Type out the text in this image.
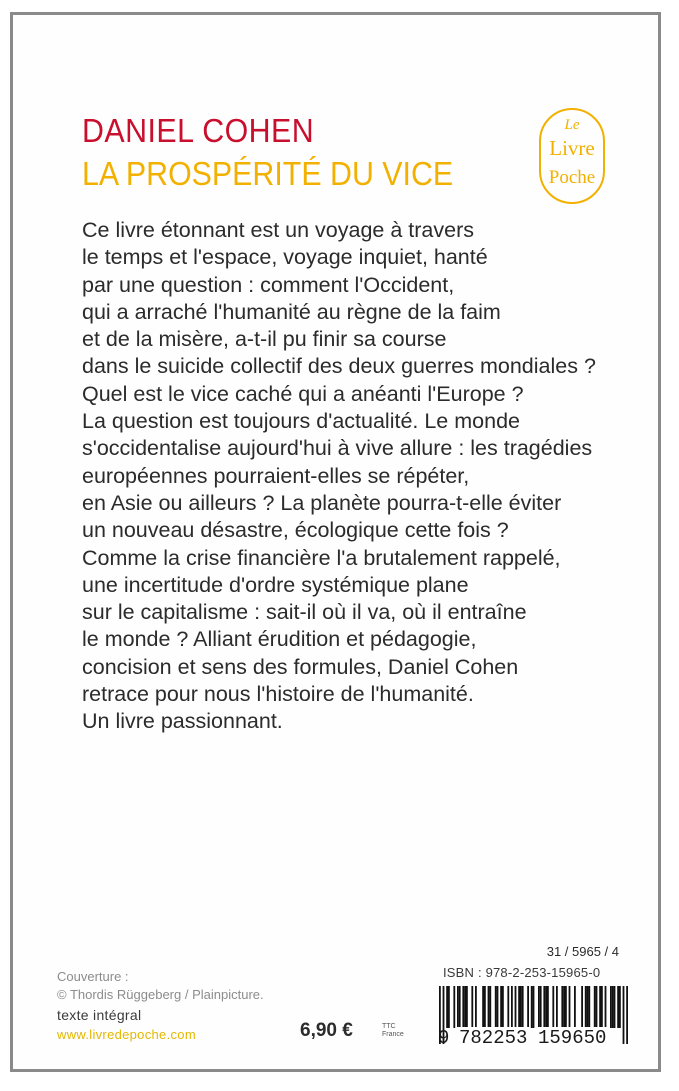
DANIEL COHEN
LA PROSPÉRITÉ DU VICE
Le
Livre
Poche
Ce livre étonnant est un voyage à travers
le temps et l'espace, voyage inquiet, hanté
par une question : comment l'Occident,
qui a arraché l'humanité au règne de la faim
et de la misère, a-t-il pu finir sa course
dans le suicide collectif des deux guerres mondiales ?
Quel est le vice caché qui a anéanti l'Europe ?
La question est toujours d'actualité. Le monde
s'occidentalise aujourd'hui à vive allure : les tragédies
européennes pourraient-elles se répéter,
en Asie ou ailleurs ? La planète pourra-t-elle éviter
un nouveau désastre, écologique cette fois ?
Comme la crise financière l'a brutalement rappelé,
une incertitude d'ordre systémique plane
sur le capitalisme : sait-il où il va, où il entraîne
le monde ? Alliant érudition et pédagogie,
concision et sens des formules, Daniel Cohen
retrace pour nous l'histoire de l'humanité.
Un livre passionnant.
31 / 5965 / 4
Couverture :
© Thordis Rüggeberg / Plainpicture.
texte intégral
www.livredepoche.com	6,90 €	TTC
France
ISBN : 978-2-253-15965-0
9 782253 159650
